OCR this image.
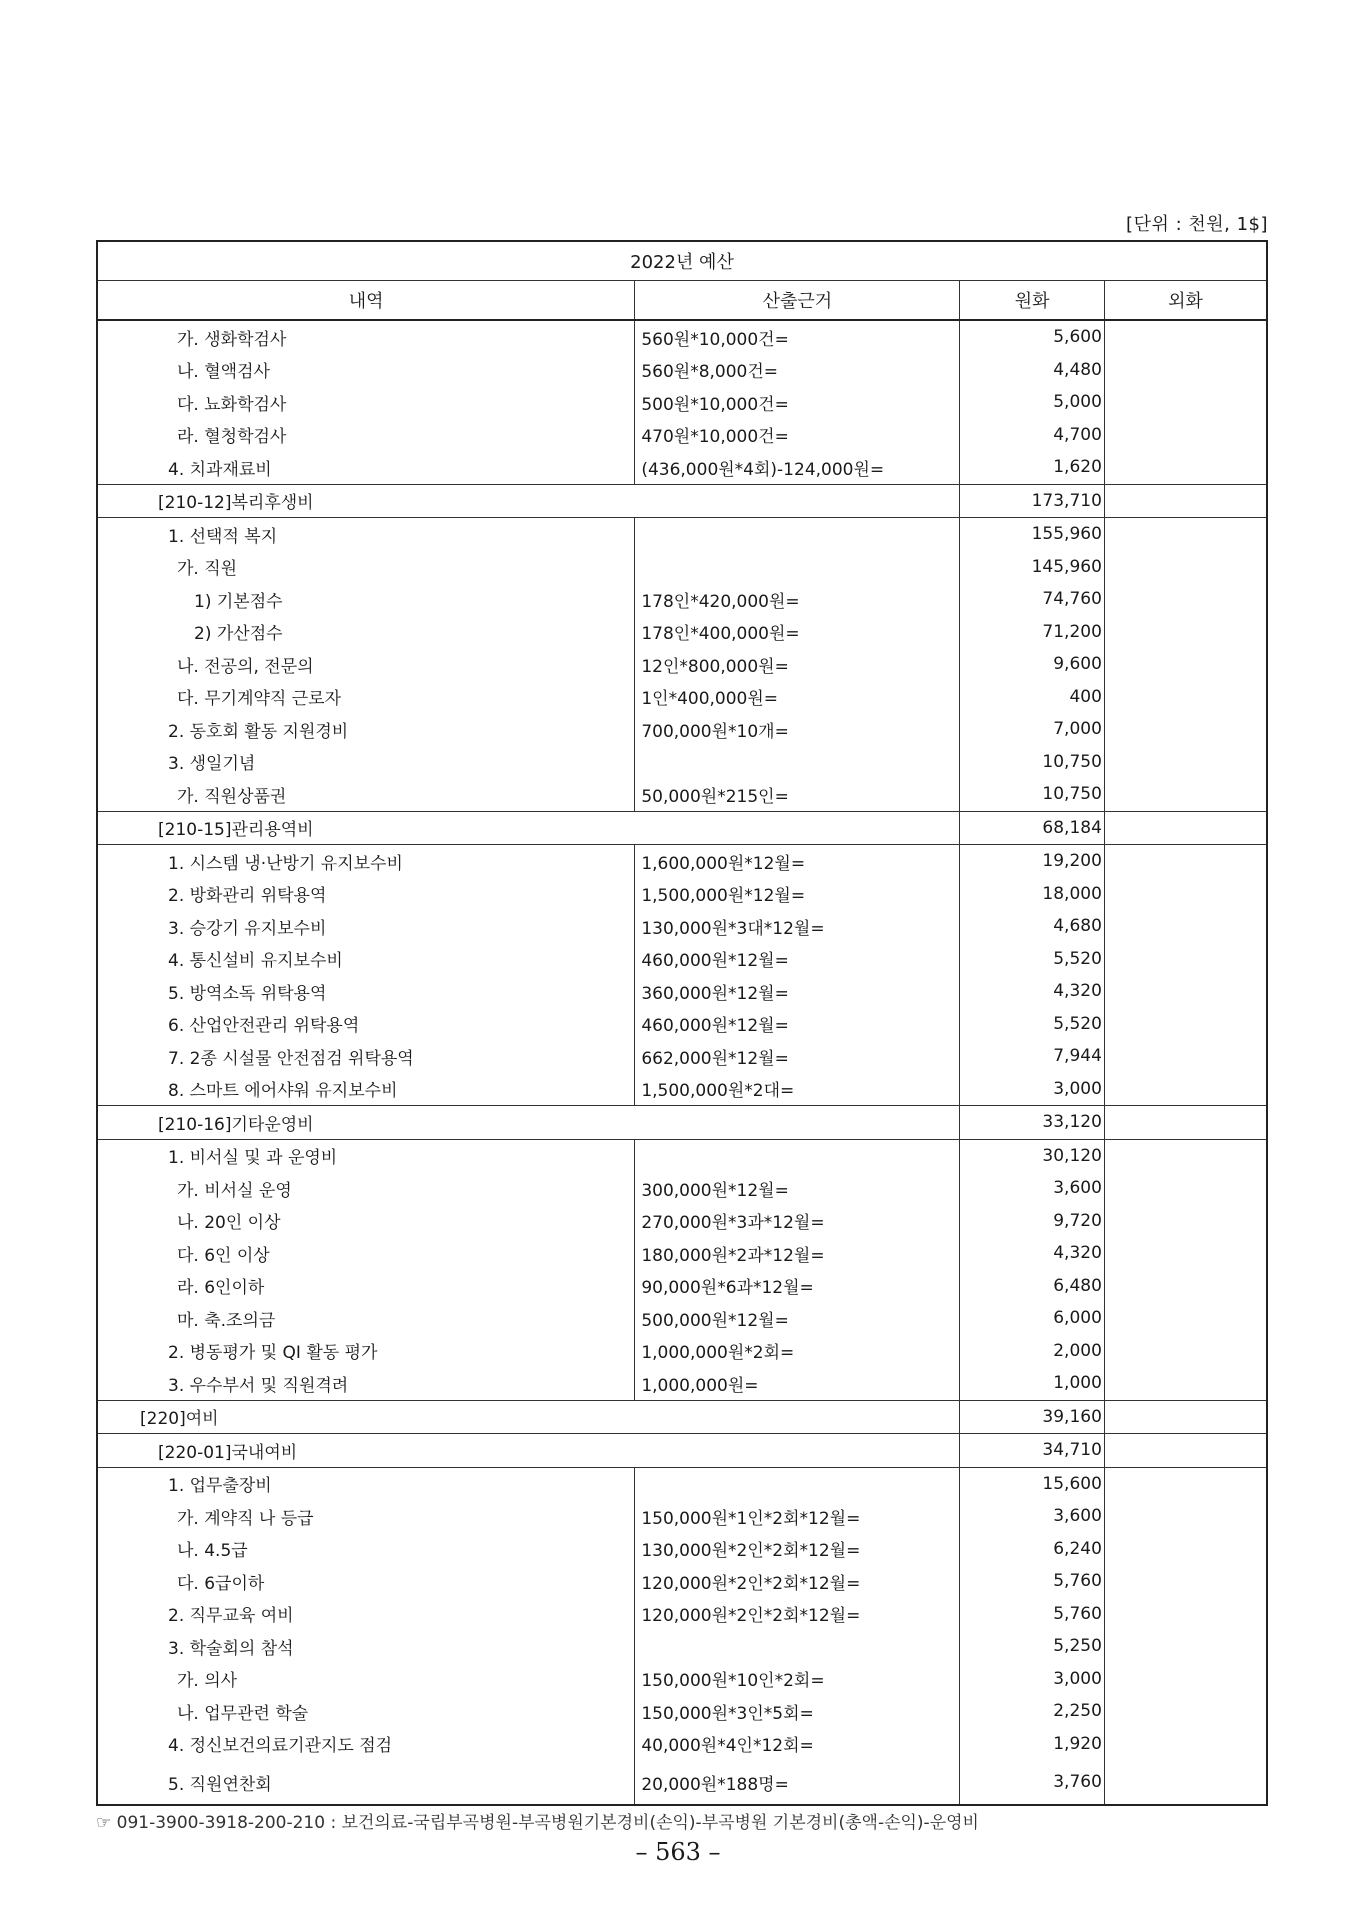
[단위 : 천원, 1$]
2022년 예산			
내역	산출근거	원화	외화
가. 생화학검사	560원*10,000건=	5,600	
나. 혈액검사	560원*8,000건=	4,480	
다. 뇨화학검사	500원*10,000건=	5,000	
라. 혈청학검사	470원*10,000건=	4,700	
4. 치과재료비	(436,000원*4회)-124,000원=	1,620	
[210-12]복리후생비		173,710	
1. 선택적 복지		155,960	
가. 직원		145,960	
1) 기본점수	178인*420,000원=	74,760	
2) 가산점수	178인*400,000원=	71,200	
나. 전공의, 전문의	12인*800,000원=	9,600	
다. 무기계약직 근로자	1인*400,000원=	400	
2. 동호회 활동 지원경비	700,000원*10개=	7,000	
3. 생일기념		10,750	
가. 직원상품권	50,000원*215인=	10,750	
[210-15]관리용역비		68,184	
1. 시스템 냉·난방기 유지보수비	1,600,000원*12월=	19,200	
2. 방화관리 위탁용역	1,500,000원*12월=	18,000	
3. 승강기 유지보수비	130,000원*3대*12월=	4,680	
4. 통신설비 유지보수비	460,000원*12월=	5,520	
5. 방역소독 위탁용역	360,000원*12월=	4,320	
6. 산업안전관리 위탁용역	460,000원*12월=	5,520	
7. 2종 시설물 안전점검 위탁용역	662,000원*12월=	7,944	
8. 스마트 에어샤워 유지보수비	1,500,000원*2대=	3,000	
[210-16]기타운영비		33,120	
1. 비서실 및 과 운영비		30,120	
가. 비서실 운영	300,000원*12월=	3,600	
나. 20인 이상	270,000원*3과*12월=	9,720	
다. 6인 이상	180,000원*2과*12월=	4,320	
라. 6인이하	90,000원*6과*12월=	6,480	
마. 축.조의금	500,000원*12월=	6,000	
2. 병동평가 및 QI 활동 평가	1,000,000원*2회=	2,000	
3. 우수부서 및 직원격려	1,000,000원=	1,000	
[220]여비		39,160	
[220-01]국내여비		34,710	
1. 업무출장비		15,600	
가. 계약직 나 등급	150,000원*1인*2회*12월=	3,600	
나. 4.5급	130,000원*2인*2회*12월=	6,240	
다. 6급이하	120,000원*2인*2회*12월=	5,760	
2. 직무교육 여비	120,000원*2인*2회*12월=	5,760	
3. 학술회의 참석		5,250	
가. 의사	150,000원*10인*2회=	3,000	
나. 업무관련 학술	150,000원*3인*5회=	2,250	
4. 정신보건의료기관지도 점검	40,000원*4인*12회=	1,920	
5. 직원연찬회	20,000원*188명=	3,760	
☞ 091-3900-3918-200-210 : 보건의료-국립부곡병원-부곡병원기본경비(손익)-부곡병원 기본경비(총액-손익)-운영비
– 563 –
